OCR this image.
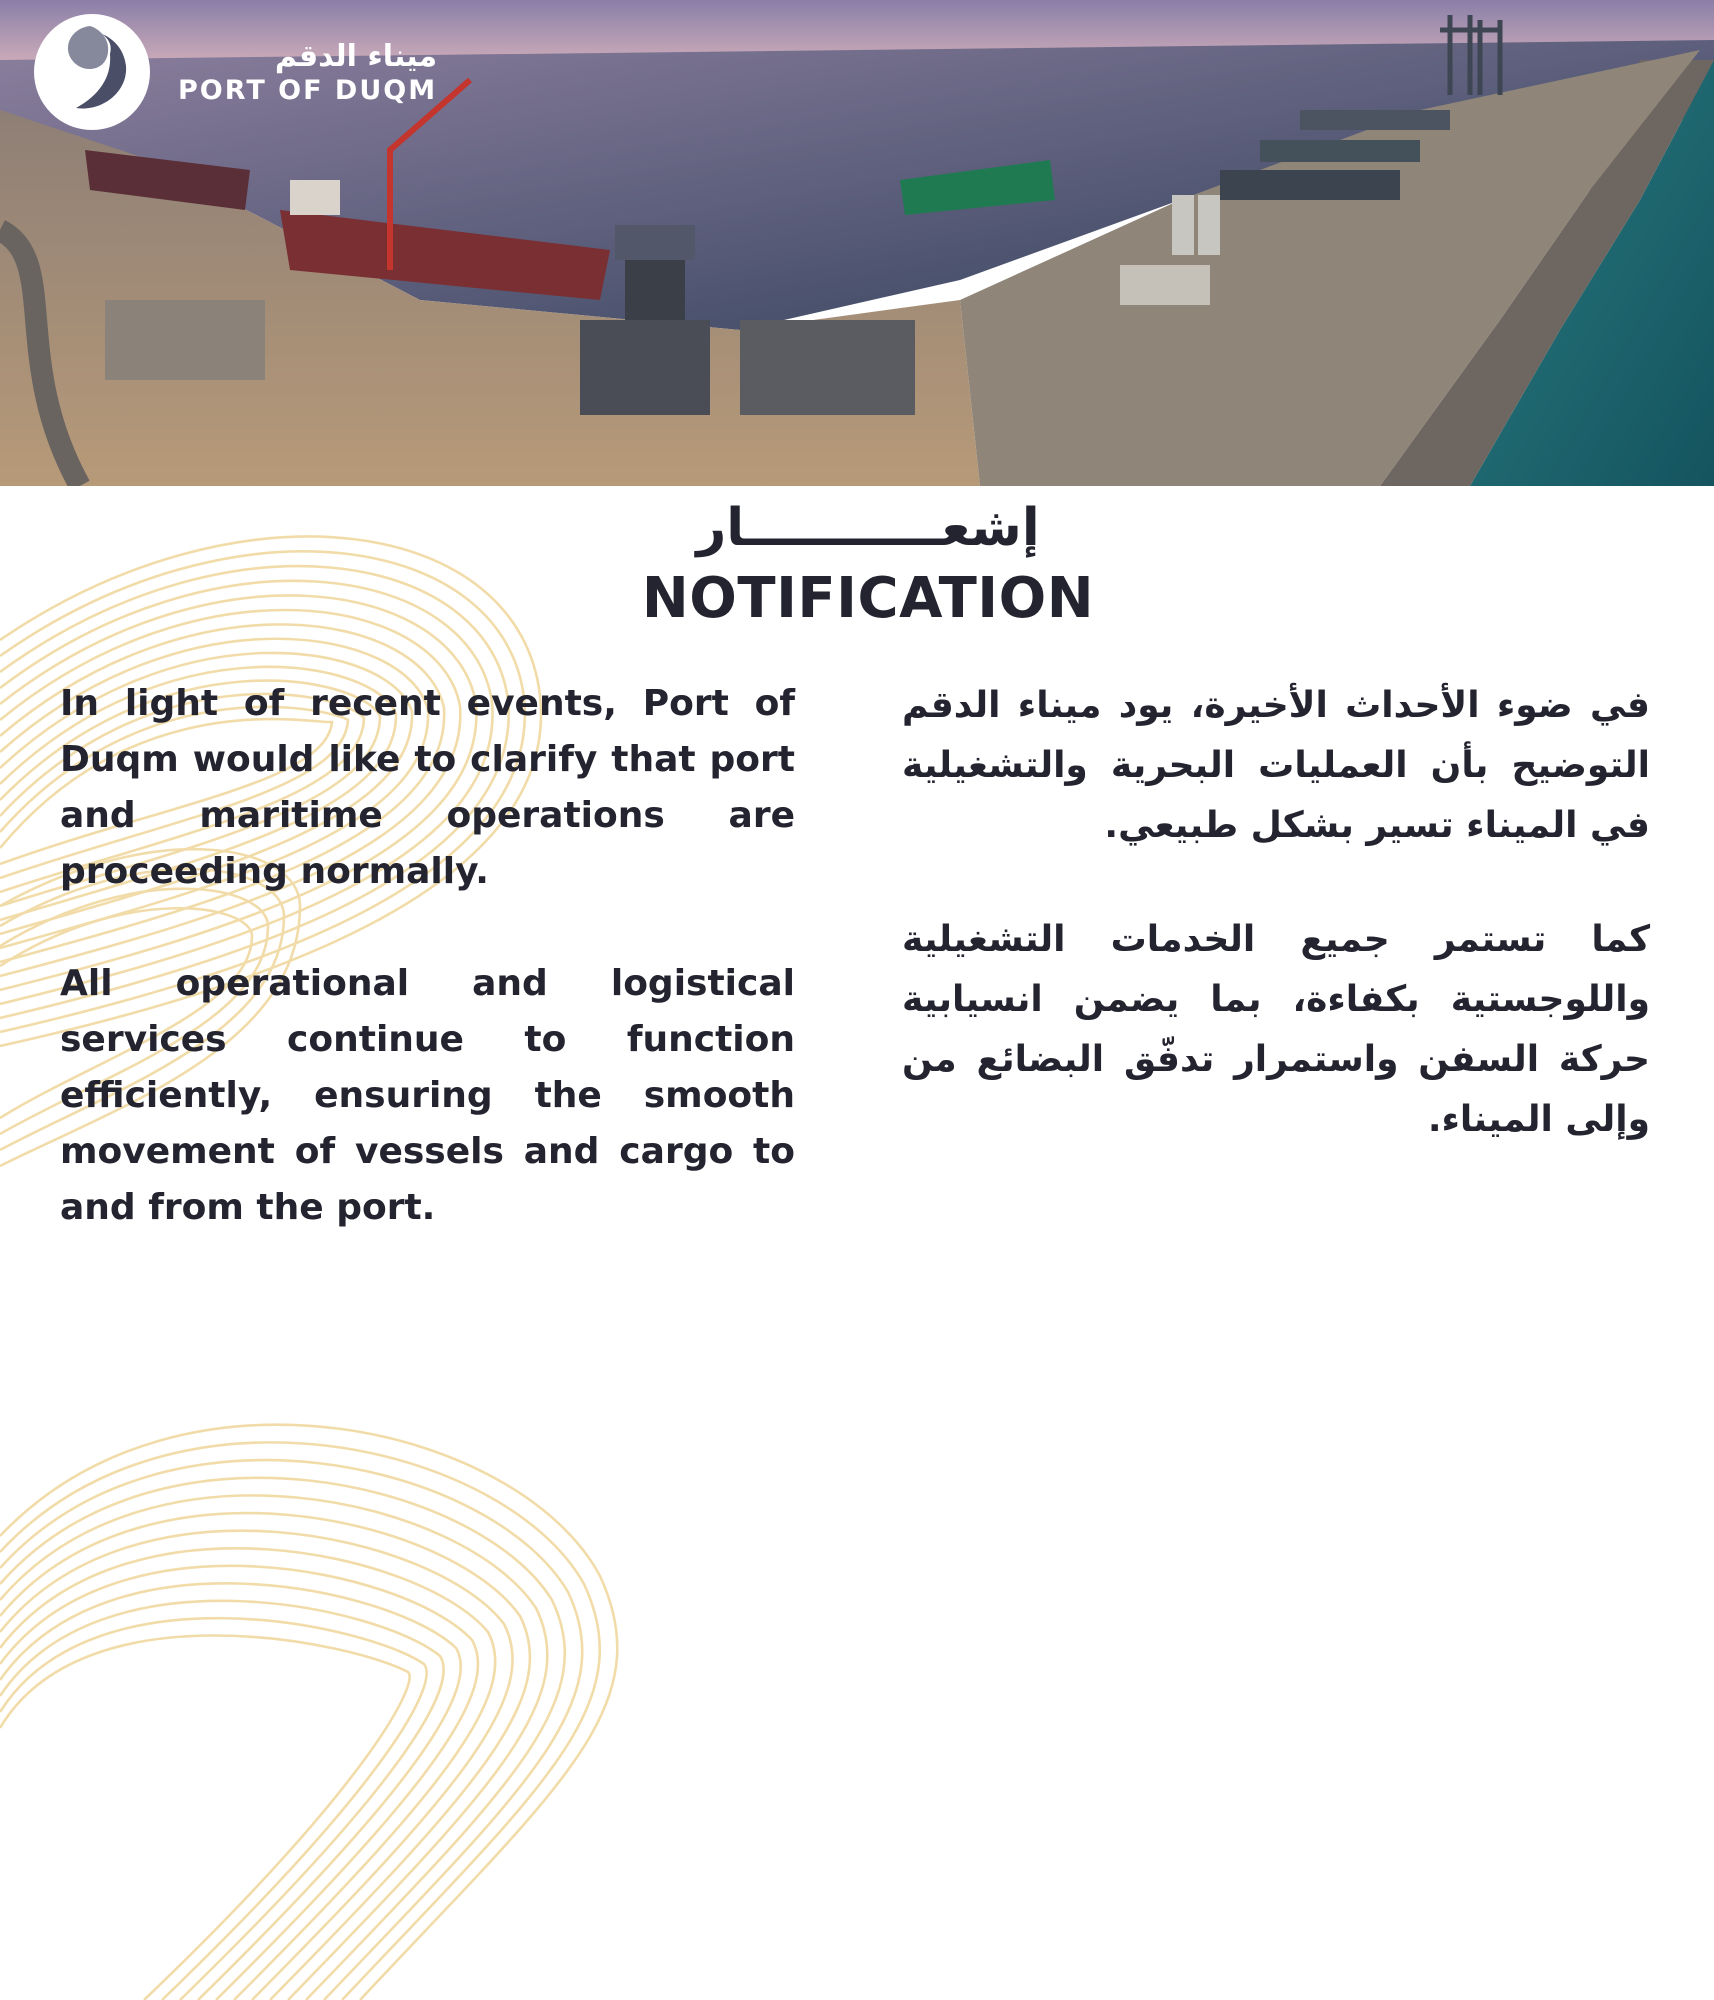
ميناء الدقم
PORT OF DUQM
إشعـــــــــــار
NOTIFICATION

In light of recent events, Port of Duqm would like to clarify that port and maritime operations are proceeding normally.

All operational and logistical services continue to function efficiently, ensuring the smooth movement of vessels and cargo to and from the port.

في ضوء الأحداث الأخيرة، يود ميناء الدقم التوضيح بأن العمليات البحرية والتشغيلية في الميناء تسير بشكل طبيعي.

كما تستمر جميع الخدمات التشغيلية واللوجستية بكفاءة، بما يضمن انسيابية حركة السفن واستمرار تدفّق البضائع من وإلى الميناء.
